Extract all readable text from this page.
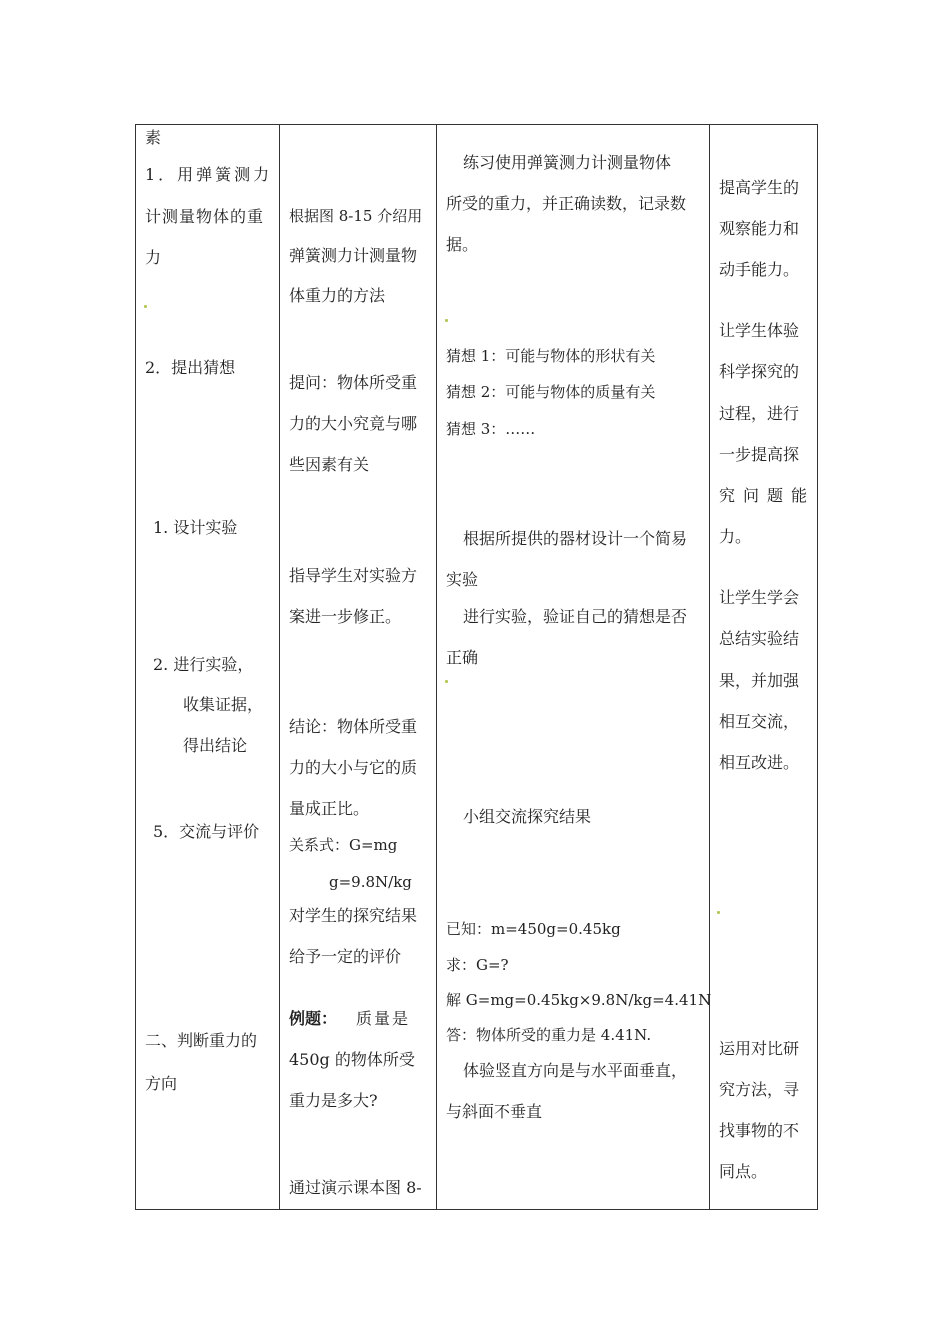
素
1．用弹簧测力
计测量物体的重
力
2．提出猜想
1. 设计实验
2. 进行实验，
收集证据，
得出结论
5．交流与评价
二、判断重力的
方向
根据图 8-15 介绍用
弹簧测力计测量物
体重力的方法
提问：物体所受重
力的大小究竟与哪
些因素有关
指导学生对实验方
案进一步修正。
结论：物体所受重
力的大小与它的质
量成正比。
关系式：G=mg
g=9.8N/kg
对学生的探究结果
给予一定的评价
例题： 质量是
450g 的物体所受
重力是多大?
通过演示课本图 8-
练习使用弹簧测力计测量物体
所受的重力，并正确读数，记录数
据。
猜想 1：可能与物体的形状有关
猜想 2：可能与物体的质量有关
猜想 3：……
根据所提供的器材设计一个简易
实验
进行实验，验证自己的猜想是否
正确
小组交流探究结果
已知：m=450g=0.45kg
求：G=?
解 G=mg=0.45kg×9.8N/kg=4.41N
答：物体所受的重力是 4.41N.
体验竖直方向是与水平面垂直，
与斜面不垂直
提高学生的
观察能力和
动手能力。
让学生体验
科学探究的
过程，进行
一步提高探
究问题能
力。
让学生学会
总结实验结
果，并加强
相互交流，
相互改进。
运用对比研
究方法，寻
找事物的不
同点。
